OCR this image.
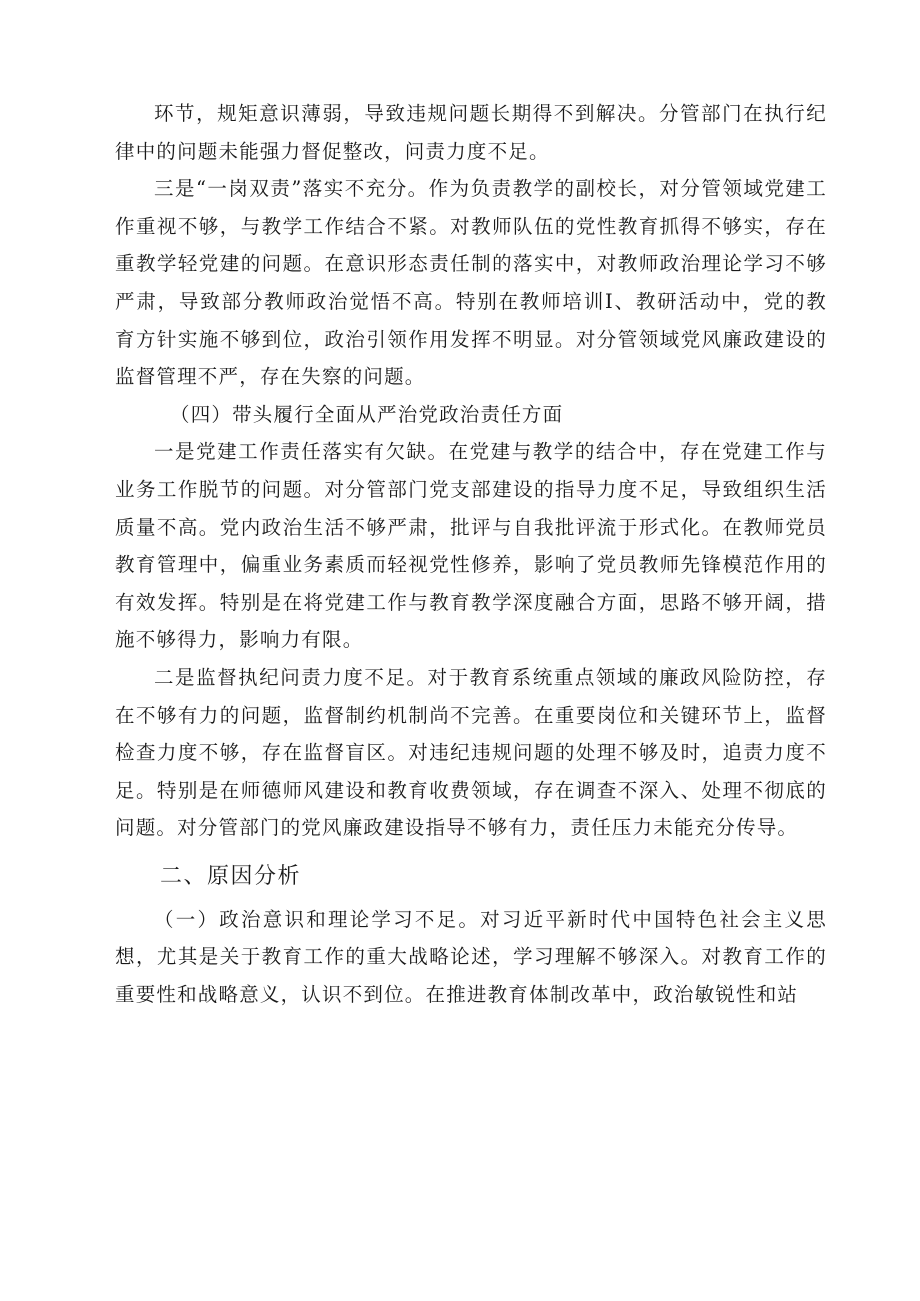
环节，规矩意识薄弱，导致违规问题长期得不到解决。分管部门在执行纪律中的问题未能强力督促整改，问责力度不足。

三是“一岗双责”落实不充分。作为负责教学的副校长，对分管领域党建工作重视不够，与教学工作结合不紧。对教师队伍的党性教育抓得不够实，存在重教学轻党建的问题。在意识形态责任制的落实中，对教师政治理论学习不够严肃，导致部分教师政治觉悟不高。特别在教师培训I、教研活动中，党的教育方针实施不够到位，政治引领作用发挥不明显。对分管领域党风廉政建设的监督管理不严，存在失察的问题。

（四）带头履行全面从严治党政治责任方面

一是党建工作责任落实有欠缺。在党建与教学的结合中，存在党建工作与业务工作脱节的问题。对分管部门党支部建设的指导力度不足，导致组织生活质量不高。党内政治生活不够严肃，批评与自我批评流于形式化。在教师党员教育管理中，偏重业务素质而轻视党性修养，影响了党员教师先锋模范作用的有效发挥。特别是在将党建工作与教育教学深度融合方面，思路不够开阔，措施不够得力，影响力有限。

二是监督执纪问责力度不足。对于教育系统重点领域的廉政风险防控，存在不够有力的问题，监督制约机制尚不完善。在重要岗位和关键环节上，监督检查力度不够，存在监督盲区。对违纪违规问题的处理不够及时，追责力度不足。特别是在师德师风建设和教育收费领域，存在调查不深入、处理不彻底的问题。对分管部门的党风廉政建设指导不够有力，责任压力未能充分传导。

二、原因分析

（一）政治意识和理论学习不足。对习近平新时代中国特色社会主义思想，尤其是关于教育工作的重大战略论述，学习理解不够深入。对教育工作的重要性和战略意义，认识不到位。在推进教育体制改革中，政治敏锐性和站
